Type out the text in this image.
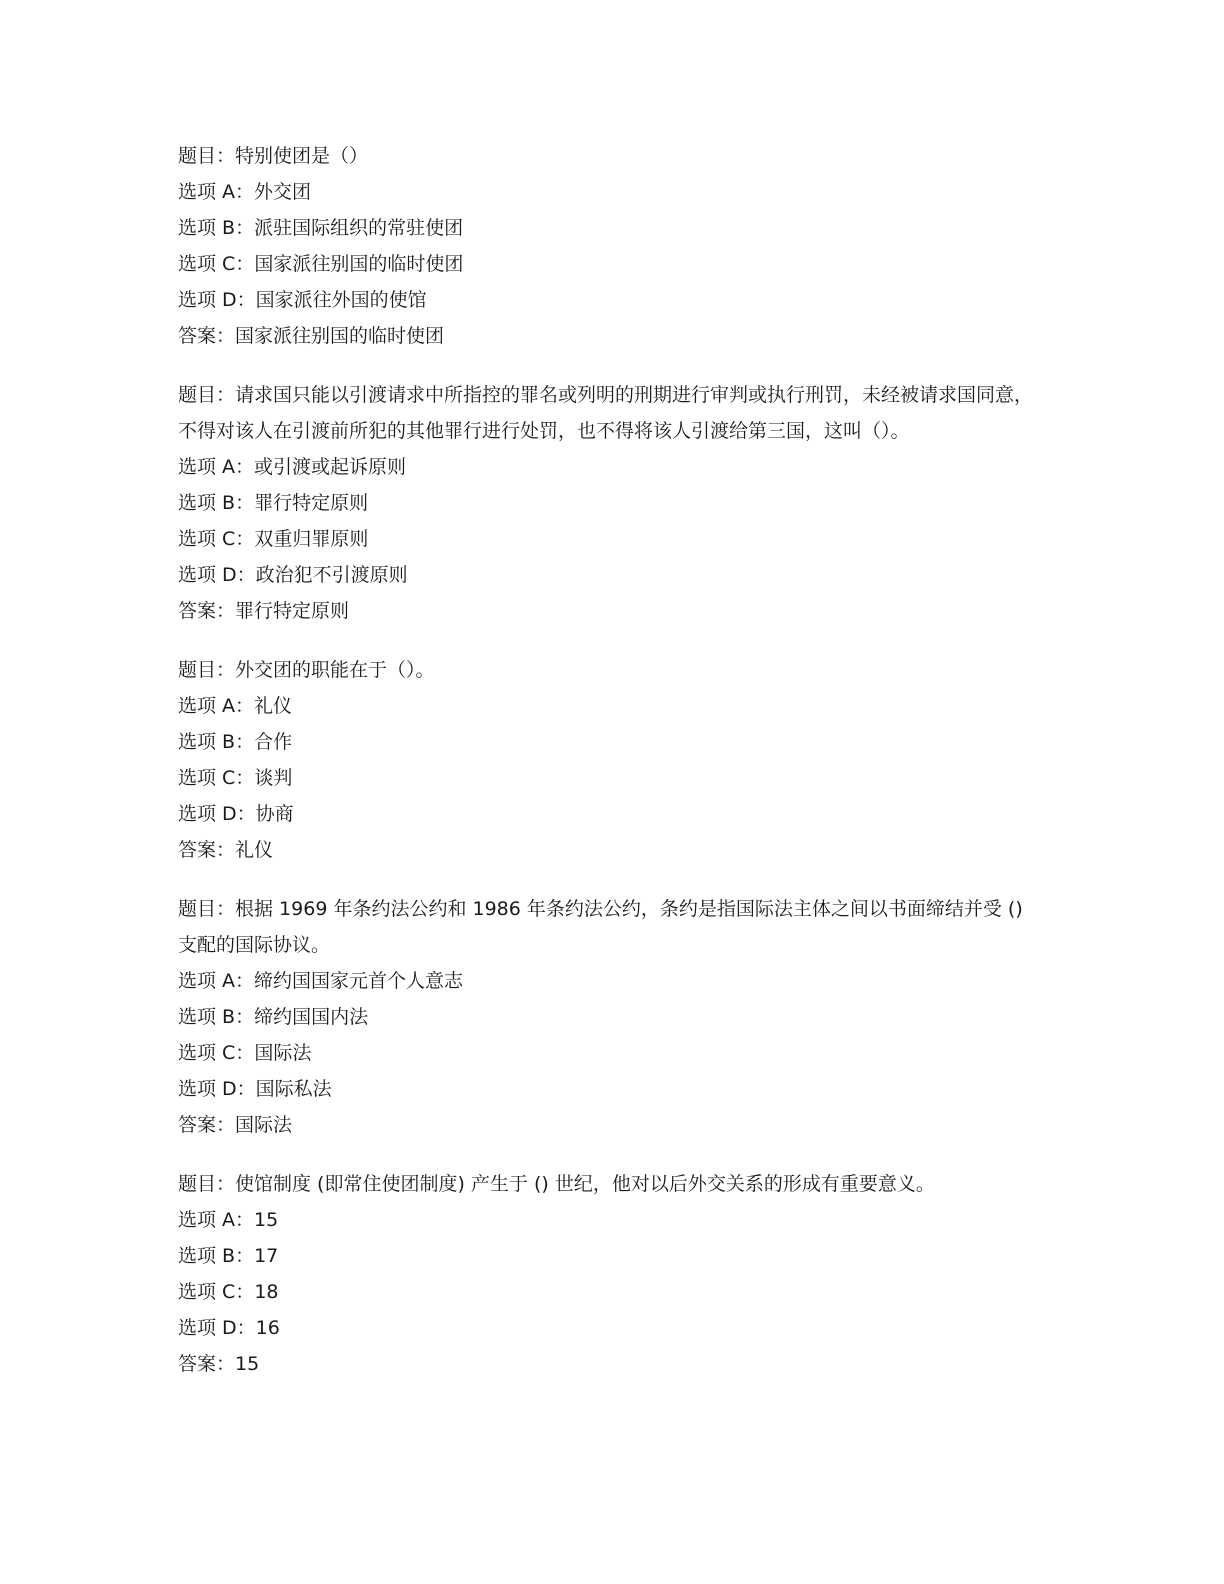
题目：特别使团是（）
选项 A：外交团
选项 B：派驻国际组织的常驻使团
选项 C：国家派往别国的临时使团
选项 D：国家派往外国的使馆
答案：国家派往别国的临时使团
题目：请求国只能以引渡请求中所指控的罪名或列明的刑期进行审判或执行刑罚，未经被请求国同意，不得对该人在引渡前所犯的其他罪行进行处罚，也不得将该人引渡给第三国，这叫（）。
选项 A：或引渡或起诉原则
选项 B：罪行特定原则
选项 C：双重归罪原则
选项 D：政治犯不引渡原则
答案：罪行特定原则
题目：外交团的职能在于（）。
选项 A：礼仪
选项 B：合作
选项 C：谈判
选项 D：协商
答案：礼仪
题目：根据 1969 年条约法公约和 1986 年条约法公约，条约是指国际法主体之间以书面缔结并受 () 支配的国际协议。
选项 A：缔约国国家元首个人意志
选项 B：缔约国国内法
选项 C：国际法
选项 D：国际私法
答案：国际法
题目：使馆制度 (即常住使团制度) 产生于 () 世纪，他对以后外交关系的形成有重要意义。
选项 A：15
选项 B：17
选项 C：18
选项 D：16
答案：15
